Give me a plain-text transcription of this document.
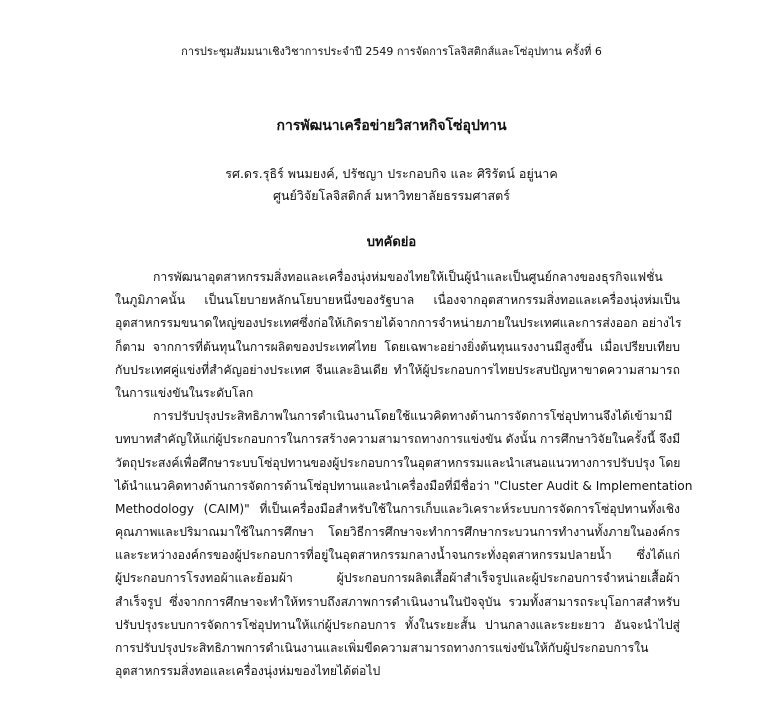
การประชุมสัมมนาเชิงวิชาการประจำปี 2549 การจัดการโลจิสติกส์และโซ่อุปทาน ครั้งที่ 6
การพัฒนาเครือข่ายวิสาหกิจโซ่อุปทาน
รศ.ดร.รุธิร์ พนมยงค์, ปรัชญา ประกอบกิจ และ ศิริรัตน์ อยู่นาค
ศูนย์วิจัยโลจิสติกส์ มหาวิทยาลัยธรรมศาสตร์
บทคัดย่อ
การพัฒนาอุตสาหกรรมสิ่งทอและเครื่องนุ่งห่มของไทยให้เป็นผู้นำและเป็นศูนย์กลางของธุรกิจแฟชั่น
ในภูมิภาคนั้น เป็นนโยบายหลักนโยบายหนึ่งของรัฐบาล เนื่องจากอุตสาหกรรมสิ่งทอและเครื่องนุ่งห่มเป็น
อุตสาหกรรมขนาดใหญ่ของประเทศซึ่งก่อให้เกิดรายได้จากการจำหน่ายภายในประเทศและการส่งออก อย่างไร
ก็ตาม จากการที่ต้นทุนในการผลิตของประเทศไทย โดยเฉพาะอย่างยิ่งต้นทุนแรงงานมีสูงขึ้น เมื่อเปรียบเทียบ
กับประเทศคู่แข่งที่สำคัญอย่างประเทศ จีนและอินเดีย ทำให้ผู้ประกอบการไทยประสบปัญหาขาดความสามารถ
ในการแข่งขันในระดับโลก
การปรับปรุงประสิทธิภาพในการดำเนินงานโดยใช้แนวคิดทางด้านการจัดการโซ่อุปทานจึงได้เข้ามามี
บทบาทสำคัญให้แก่ผู้ประกอบการในการสร้างความสามารถทางการแข่งขัน ดังนั้น การศึกษาวิจัยในครั้งนี้ จึงมี
วัตถุประสงค์เพื่อศึกษาระบบโซ่อุปทานของผู้ประกอบการในอุตสาหกรรมและนำเสนอแนวทางการปรับปรุง โดย
ได้นำแนวคิดทางด้านการจัดการด้านโซ่อุปทานและนำเครื่องมือที่มีชื่อว่า "Cluster Audit & Implementation
Methodology (CAIM)" ที่เป็นเครื่องมือสำหรับใช้ในการเก็บและวิเคราะห์ระบบการจัดการโซ่อุปทานทั้งเชิง
คุณภาพและปริมาณมาใช้ในการศึกษา โดยวิธีการศึกษาจะทำการศึกษากระบวนการทำงานทั้งภายในองค์กร
และระหว่างองค์กรของผู้ประกอบการที่อยู่ในอุตสาหกรรมกลางน้ำจนกระทั่งอุตสาหกรรมปลายน้ำ ซึ่งได้แก่
ผู้ประกอบการโรงทอผ้าและย้อมผ้า ผู้ประกอบการผลิตเสื้อผ้าสำเร็จรูปและผู้ประกอบการจำหน่ายเสื้อผ้า
สำเร็จรูป ซึ่งจากการศึกษาจะทำให้ทราบถึงสภาพการดำเนินงานในปัจจุบัน รวมทั้งสามารถระบุโอกาสสำหรับ
ปรับปรุงระบบการจัดการโซ่อุปทานให้แก่ผู้ประกอบการ ทั้งในระยะสั้น ปานกลางและระยะยาว อันจะนำไปสู่
การปรับปรุงประสิทธิภาพการดำเนินงานและเพิ่มขีดความสามารถทางการแข่งขันให้กับผู้ประกอบการใน
อุตสาหกรรมสิ่งทอและเครื่องนุ่งห่มของไทยได้ต่อไป
